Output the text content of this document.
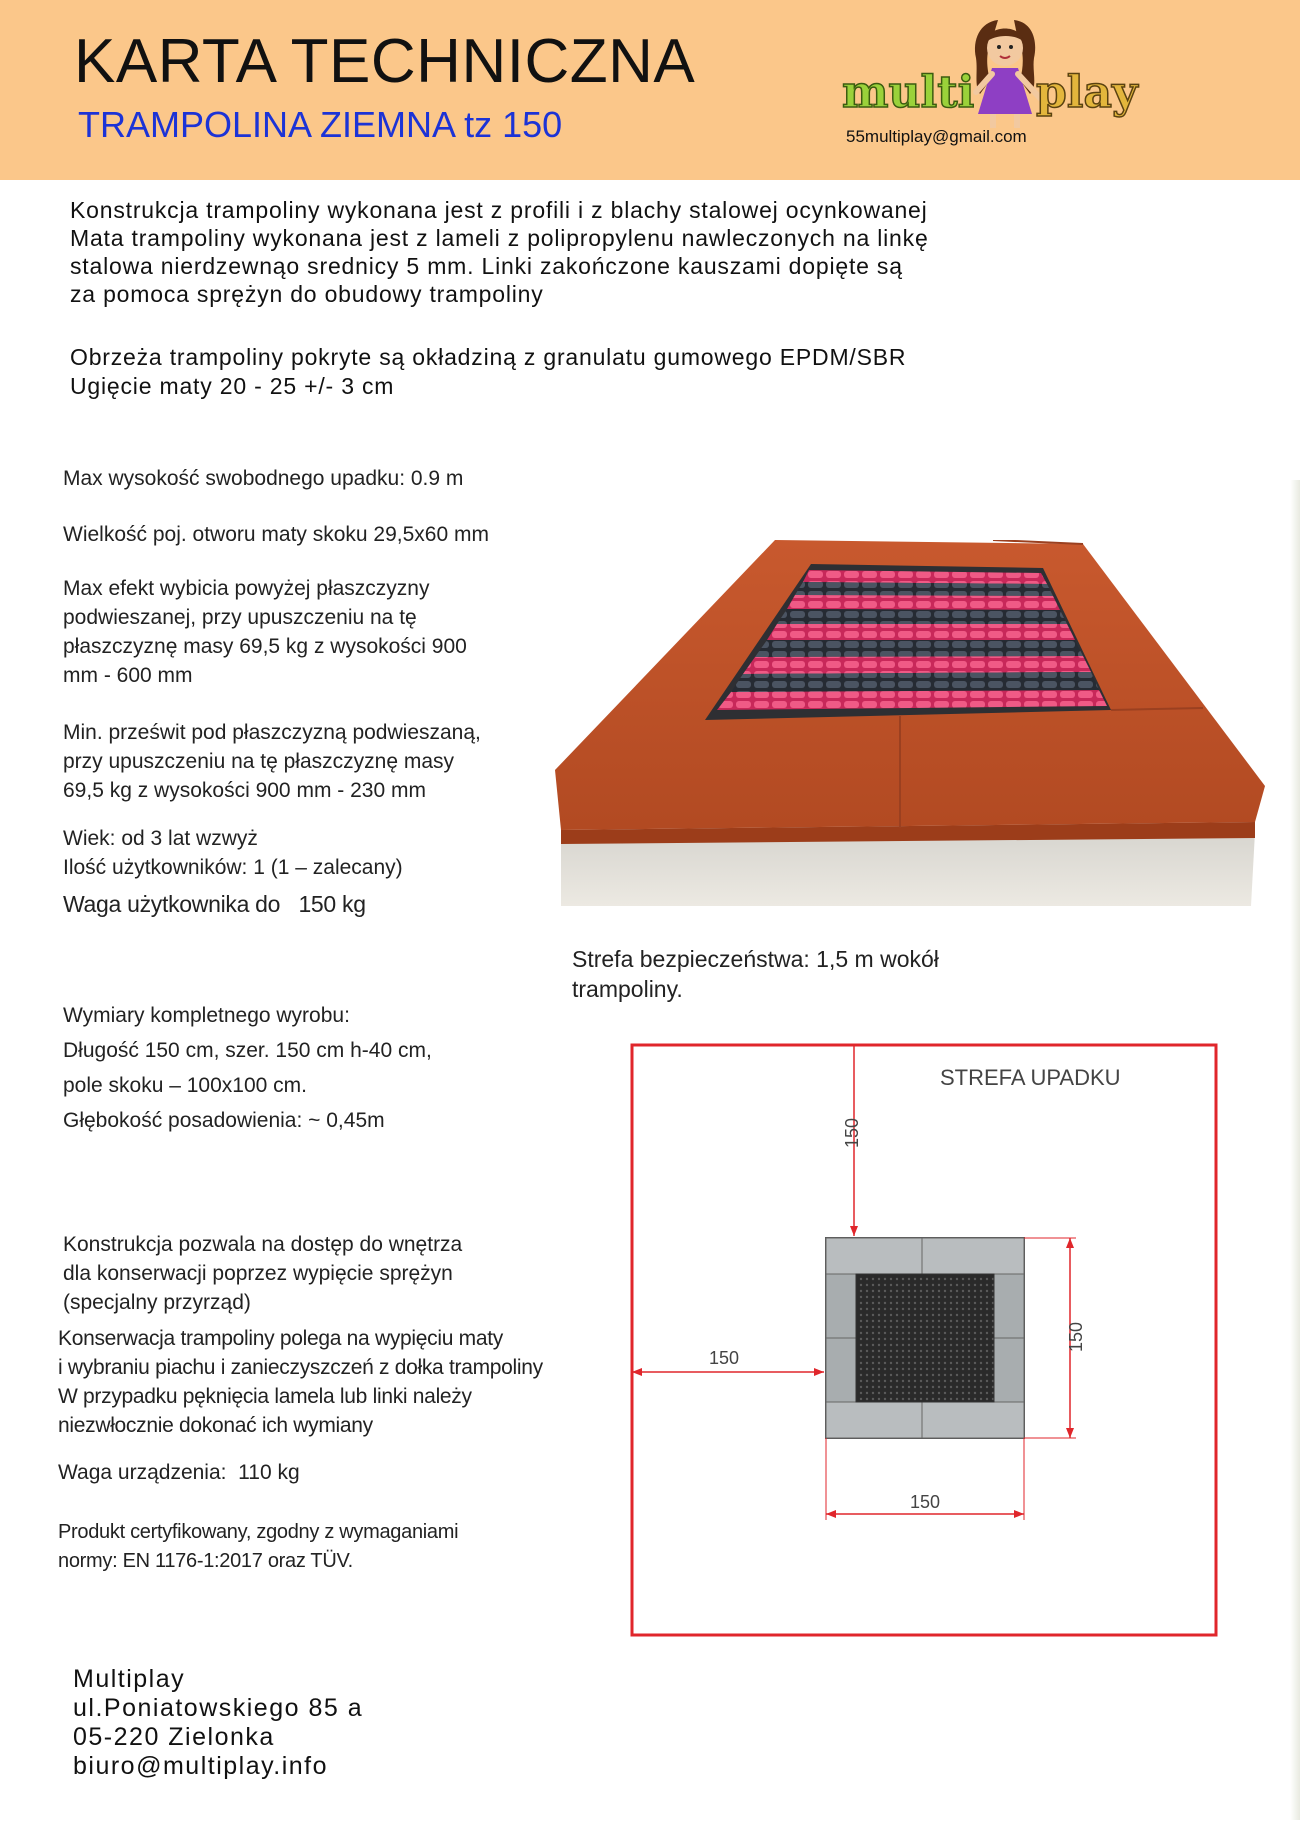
KARTA TECHNICZNA
TRAMPOLINA ZIEMNA tz 150
multi play
55multiplay@gmail.com

Konstrukcja trampoliny wykonana jest z profili i z blachy stalowej ocynkowanej

Mata trampoliny wykonana jest z lameli z polipropylenu nawleczonych na linkę

stalowa nierdzewnąo srednicy 5 mm. Linki zakończone kauszami dopięte są

za pomoca sprężyn do obudowy trampoliny

Obrzeża trampoliny pokryte są okładziną z granulatu gumowego EPDM/SBR

Ugięcie maty 20 - 25 +/- 3 cm

Max wysokość swobodnego upadku: 0.9 m

Wielkość poj. otworu maty skoku 29,5x60 mm

Max efekt wybicia powyżej płaszczyzny

podwieszanej, przy upuszczeniu na tę

płaszczyznę masy 69,5 kg z wysokości 900

mm - 600 mm

Min. prześwit pod płaszczyzną podwieszaną,

przy upuszczeniu na tę płaszczyznę masy

69,5 kg z wysokości 900 mm - 230 mm

Wiek: od 3 lat wzwyż

Ilość użytkowników: 1 (1 – zalecany)

Waga użytkownika do   150 kg

Wymiary kompletnego wyrobu:

Długość 150 cm, szer. 150 cm h-40 cm,

pole skoku – 100x100 cm.

Głębokość posadowienia: ~ 0,45m

Konstrukcja pozwala na dostęp do wnętrza

dla konserwacji poprzez wypięcie sprężyn

(specjalny przyrząd)

Konserwacja trampoliny polega na wypięciu maty

i wybraniu piachu i zanieczyszczeń z dołka trampoliny

W przypadku pęknięcia lamela lub linki należy

niezwłocznie dokonać ich wymiany

Waga urządzenia:  110 kg

Produkt certyfikowany, zgodny z wymaganiami

normy: EN 1176-1:2017 oraz TÜV.

Strefa bezpieczeństwa: 1,5 m wokół

trampoliny.

STREFA UPADKU
150
150
150
150

Multiplay

ul.Poniatowskiego 85 a

05-220 Zielonka

biuro@multiplay.info
